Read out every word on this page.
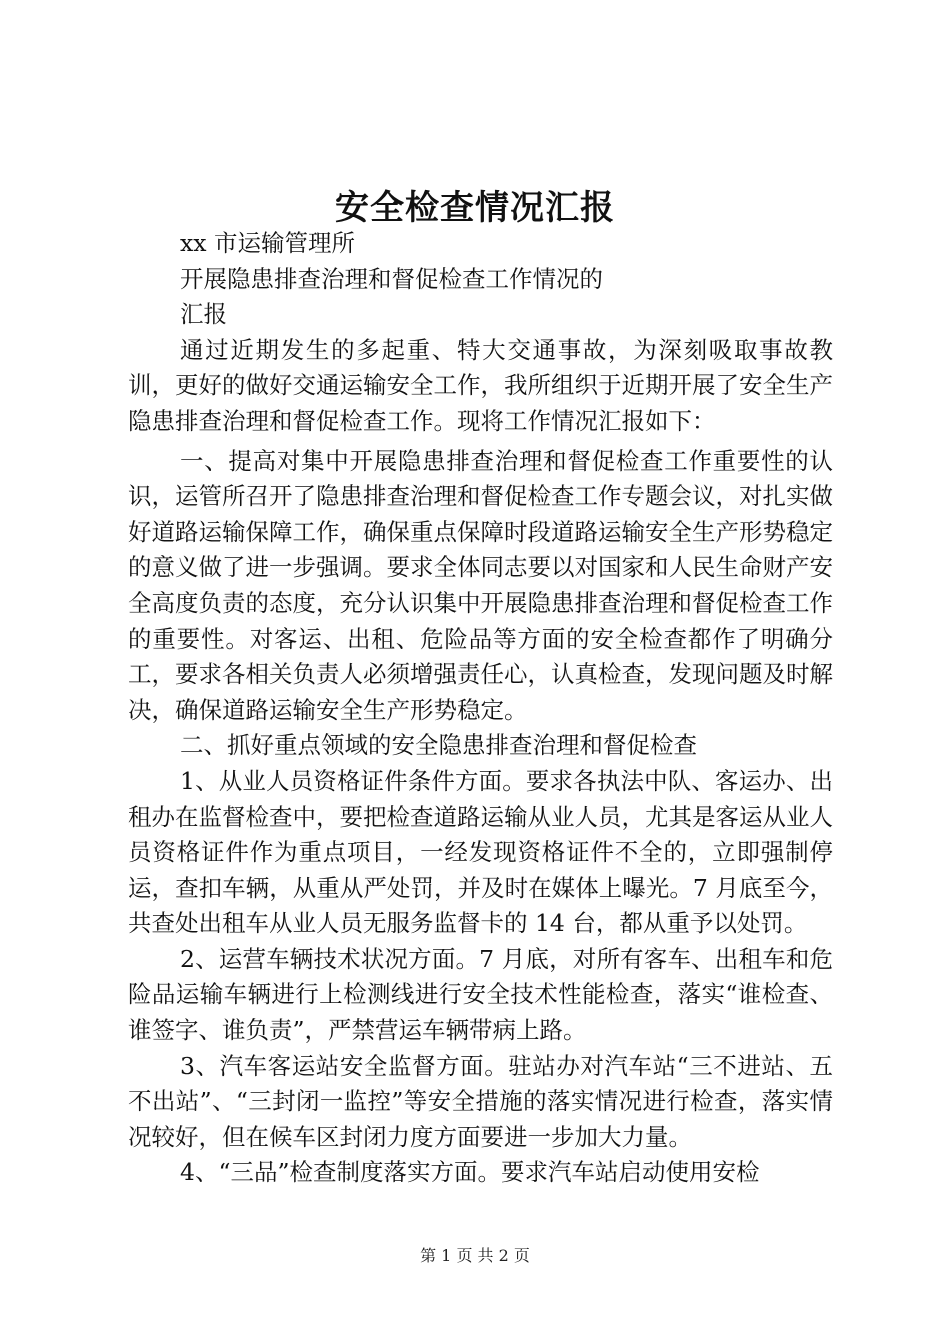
安全检查情况汇报

xx 市运输管理所

开展隐患排查治理和督促检查工作情况的

汇报

通过近期发生的多起重、特大交通事故，为深刻吸取事故教训，更好的做好交通运输安全工作，我所组织于近期开展了安全生产隐患排查治理和督促检查工作。现将工作情况汇报如下：

一、提高对集中开展隐患排查治理和督促检查工作重要性的认识，运管所召开了隐患排查治理和督促检查工作专题会议，对扎实做好道路运输保障工作，确保重点保障时段道路运输安全生产形势稳定的意义做了进一步强调。要求全体同志要以对国家和人民生命财产安全高度负责的态度，充分认识集中开展隐患排查治理和督促检查工作的重要性。对客运、出租、危险品等方面的安全检查都作了明确分工，要求各相关负责人必须增强责任心，认真检查，发现问题及时解决，确保道路运输安全生产形势稳定。

二、抓好重点领域的安全隐患排查治理和督促检查

1、从业人员资格证件条件方面。要求各执法中队、客运办、出租办在监督检查中，要把检查道路运输从业人员，尤其是客运从业人员资格证件作为重点项目，一经发现资格证件不全的，立即强制停运，查扣车辆，从重从严处罚，并及时在媒体上曝光。7 月底至今，共查处出租车从业人员无服务监督卡的 14 台，都从重予以处罚。

2、运营车辆技术状况方面。7 月底，对所有客车、出租车和危险品运输车辆进行上检测线进行安全技术性能检查，落实“谁检查、谁签字、谁负责”，严禁营运车辆带病上路。

3、汽车客运站安全监督方面。驻站办对汽车站“三不进站、五不出站”、“三封闭一监控”等安全措施的落实情况进行检查，落实情况较好，但在候车区封闭力度方面要进一步加大力量。

4、“三品”检查制度落实方面。要求汽车站启动使用安检

第 1 页 共 2 页
